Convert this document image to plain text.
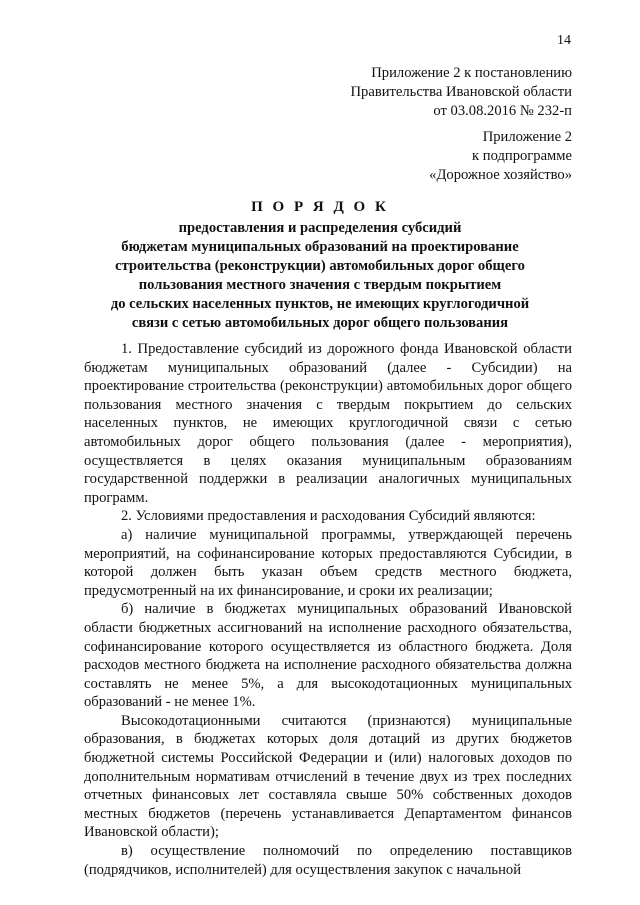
14
Приложение 2 к постановлению
Правительства Ивановской области
от 03.08.2016 № 232-п
Приложение 2
к подпрограмме
«Дорожное хозяйство»
П О Р Я Д О К
предоставления и распределения субсидий
бюджетам муниципальных образований на проектирование
строительства (реконструкции) автомобильных дорог общего
пользования местного значения с твердым покрытием
до сельских населенных пунктов, не имеющих круглогодичной
связи с сетью автомобильных дорог общего пользования

1. Предоставление субсидий из дорожного фонда Ивановской области бюджетам муниципальных образований (далее - Субсидии) на проектирование строительства (реконструкции) автомобильных дорог общего пользования местного значения с твердым покрытием до сельских населенных пунктов, не имеющих круглогодичной связи с сетью автомобильных дорог общего пользования (далее - мероприятия), осуществляется в целях оказания муниципальным образованиям государственной поддержки в реализации аналогичных муниципальных программ.

2. Условиями предоставления и расходования Субсидий являются:

а) наличие муниципальной программы, утверждающей перечень мероприятий, на софинансирование которых предоставляются Субсидии, в которой должен быть указан объем средств местного бюджета, предусмотренный на их финансирование, и сроки их реализации;

б) наличие в бюджетах муниципальных образований Ивановской области бюджетных ассигнований на исполнение расходного обязательства, софинансирование которого осуществляется из областного бюджета. Доля расходов местного бюджета на исполнение расходного обязательства должна составлять не менее 5%, а для высокодотационных муниципальных образований - не менее 1%.

Высокодотационными считаются (признаются) муниципальные образования, в бюджетах которых доля дотаций из других бюджетов бюджетной системы Российской Федерации и (или) налоговых доходов по дополнительным нормативам отчислений в течение двух из трех последних отчетных финансовых лет составляла свыше 50% собственных доходов местных бюджетов (перечень устанавливается Департаментом финансов Ивановской области);

в) осуществление полномочий по определению поставщиков (подрядчиков, исполнителей) для осуществления закупок с начальной
